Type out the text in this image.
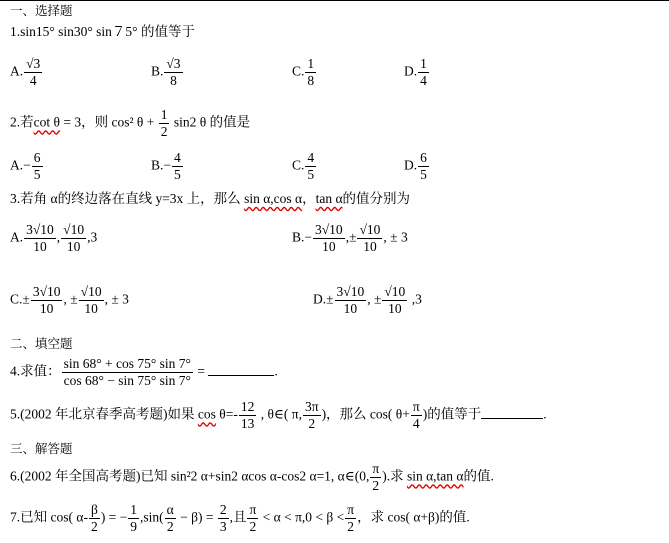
一、选择题
1.sin15° sin30° sin７5° 的值等于
A. $\frac{√3}{4}$	B. $\frac{√3}{8}$	C. $\frac{1}{8}$	D. $\frac{1}{4}$
2.若cot θ = 3，则 cos² $\theta + \frac{1}{2} \sin 2$ θ 的值是
$A.- \frac{6}{5}$	$B.- \frac{4}{5}$	C. $\frac{4}{5}$	D. $\frac{6}{5}$
3.若角 α的终边落在直线 y=3x 上，那么 sin α,cos α，tan α的值分别为
A. $\frac{3√10}{10}$ , $\frac{√10}{10} ,3$	$B.- \frac{3√10}{10}$ ,± $\frac{√10}{10}$ , ± 3
$C.\pm \frac{3√10}{10}$ , ± $\frac{√10}{10}$ , ± 3	$D.\pm \frac{3√10}{10}$ , ± $\frac{√10}{10} ,3$
二、填空题
4.求值： $\frac{\sin 68^\circ + \cos 75^\circ \sin 7^\circ}{\cos 68^\circ - \sin 75^\circ \sin 7^\circ}$ =	.
5.(2002 年北京春季高考题)如果 $\cos \theta=- \frac{12}{13}$ , θ∈( π, $\frac{3\pi}{2}$ )，那么 cos( $\theta+ \frac{\pi}{4}$ )的值等于	.
三、解答题
6.(2002 年全国高考题)已知 sin²2 α+sin2 αcos α-cos2 α=1, α∈(0, $\frac{\pi}{2}$ ).求 sin α,tan α的值.
7.已知 cos( $\alpha- \frac{\beta}{2}$ ) = − $\frac{1}{9} ,\sin( \frac{\alpha}{2} - \beta) = \frac{2}{3}$ ,且 $\frac{\pi}{2} < \alpha < \pi,0 < \beta < \frac{\pi}{2}$ ，求 cos( α+β)的值.
